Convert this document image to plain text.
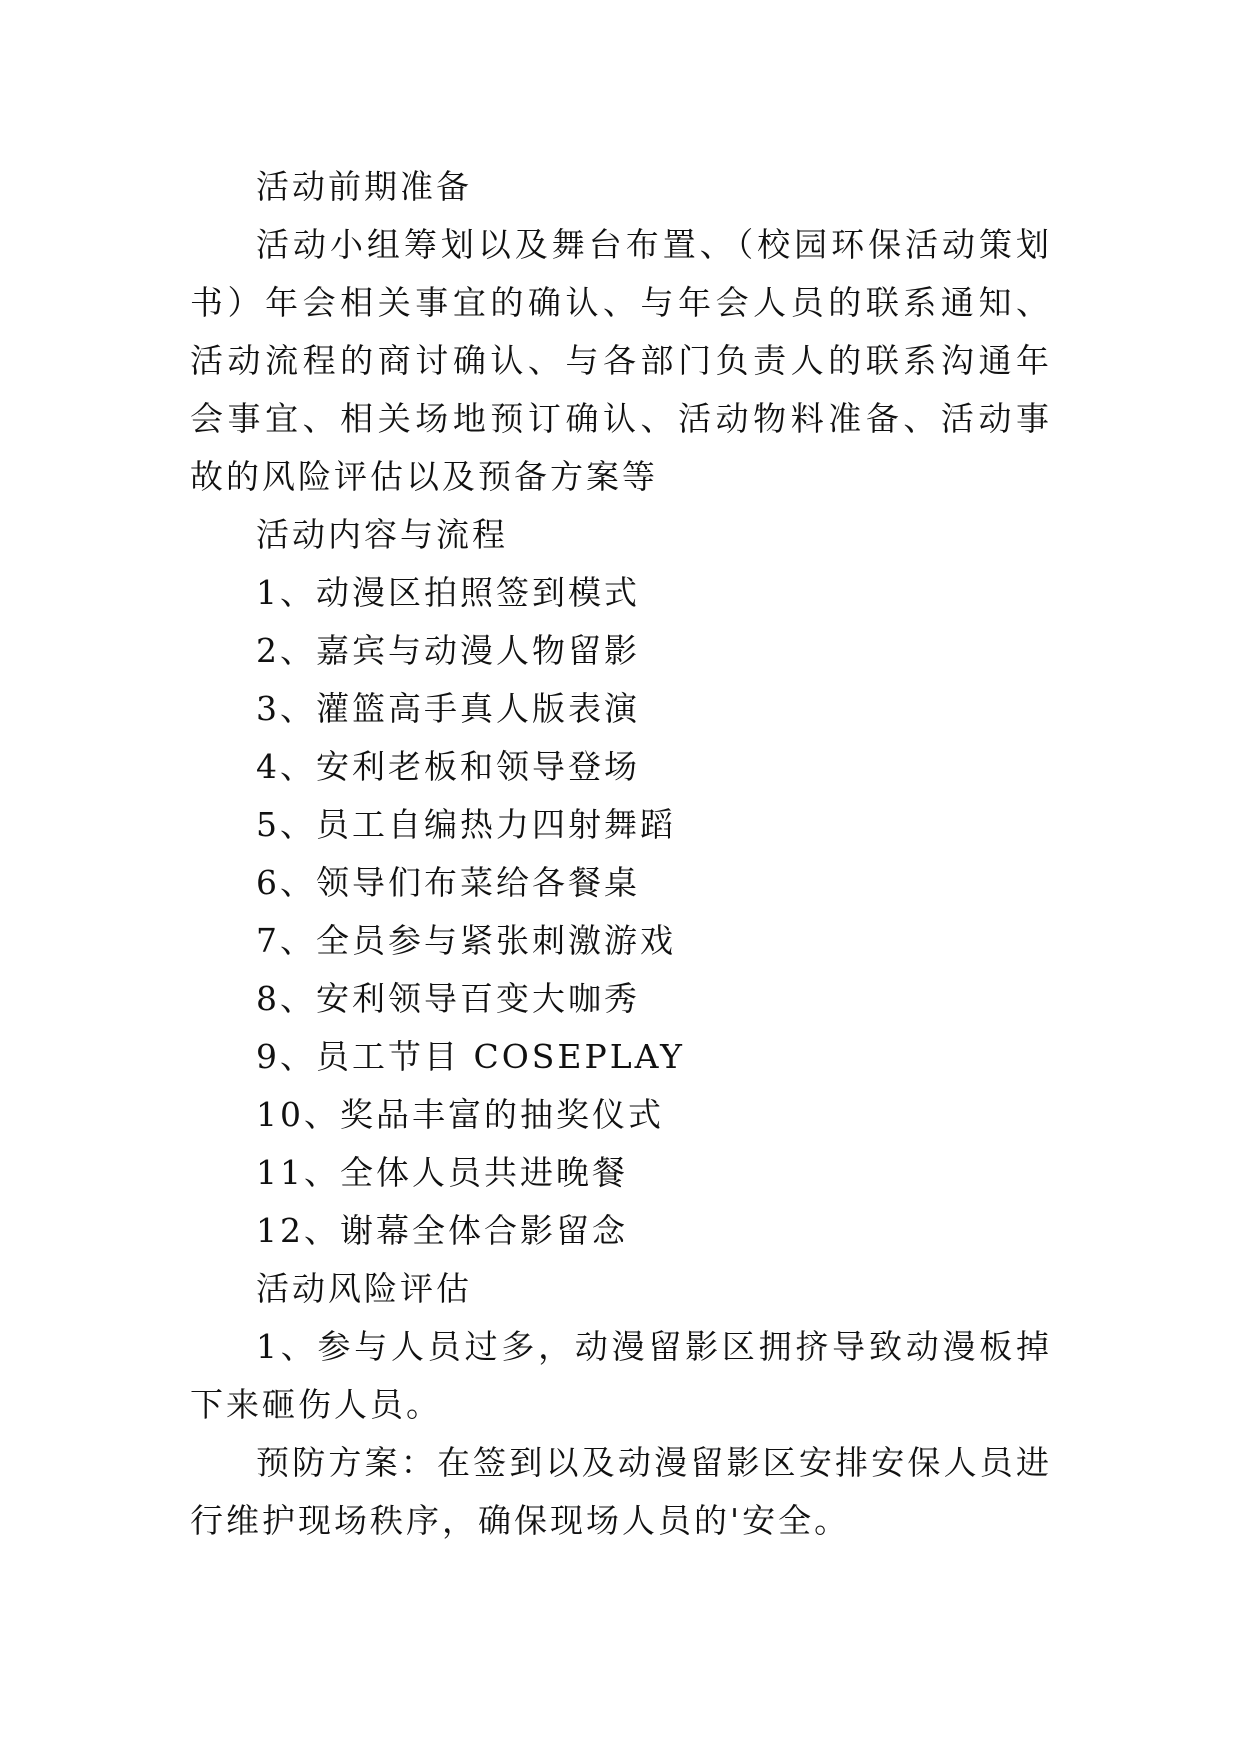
活动前期准备

活动小组筹划以及舞台布置、（校园环保活动策划书）年会相关事宜的确认、与年会人员的联系通知、活动流程的商讨确认、与各部门负责人的联系沟通年会事宜、相关场地预订确认、活动物料准备、活动事故的风险评估以及预备方案等

活动内容与流程
1、动漫区拍照签到模式
2、嘉宾与动漫人物留影
3、灌篮高手真人版表演
4、安利老板和领导登场
5、员工自编热力四射舞蹈
6、领导们布菜给各餐桌
7、全员参与紧张刺激游戏
8、安利领导百变大咖秀
9、员工节目 COSEPLAY
10、奖品丰富的抽奖仪式
11、全体人员共进晚餐
12、谢幕全体合影留念
活动风险评估

1、参与人员过多，动漫留影区拥挤导致动漫板掉下来砸伤人员。

预防方案：在签到以及动漫留影区安排安保人员进行维护现场秩序，确保现场人员的'安全。
